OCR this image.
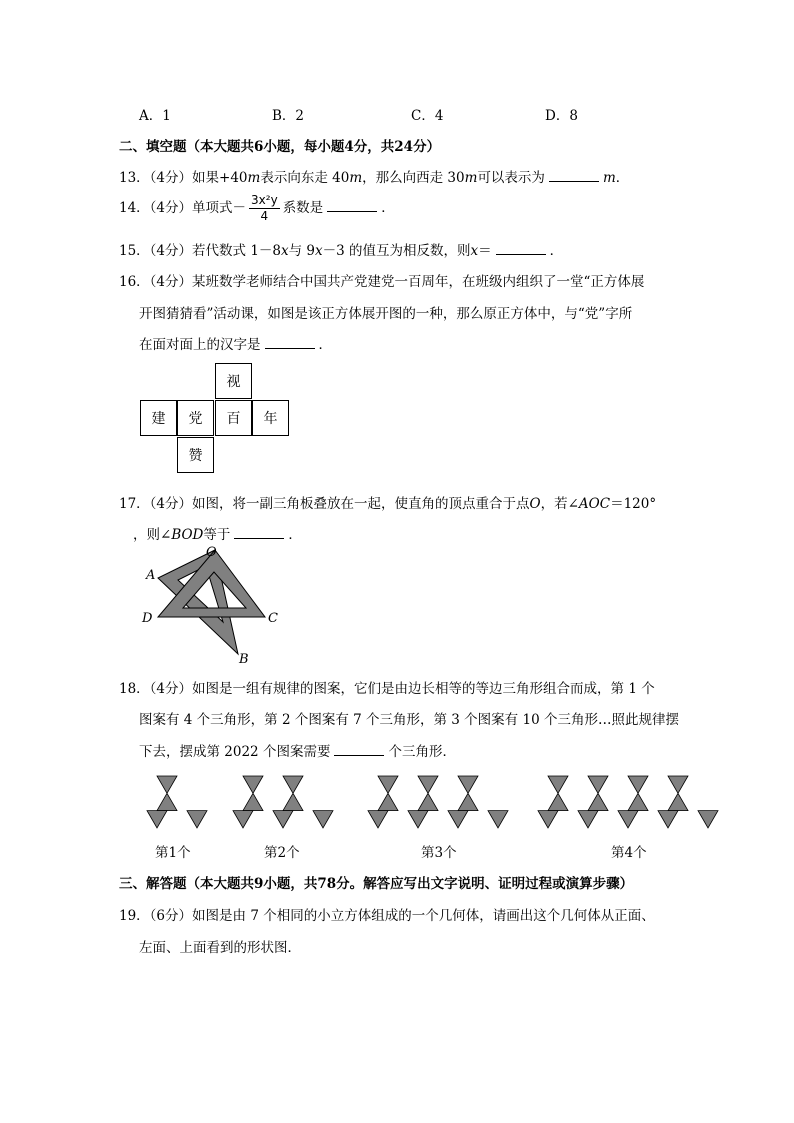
A．1	B．2	C．4	D．8
二、填空题（本大题共6小题，每小题4分，共24分）
13．（4分）如果+40m表示向东走 40m，那么向西走 30m可以表示为	m．
14．（4分）单项式－ $\frac{\text{3x²y}}{4}$ 系数是	．
15．（4分）若代数式 1－8x与 9x－3 的值互为相反数，则x＝	．
16．（4分）某班数学老师结合中国共产党建党一百周年，在班级内组织了一堂“正方体展
开图猜猜看”活动课，如图是该正方体展开图的一种，那么原正方体中，与“党”字所
在面对面上的汉字是	．
视
建	党	百	年
赞
17．（4分）如图，将一副三角板叠放在一起，使直角的顶点重合于点O，若∠AOC＝120°
，则∠BOD等于	．
O
A
D	C
B
18．（4分）如图是一组有规律的图案，它们是由边长相等的等边三角形组合而成，第 1 个
图案有 4 个三角形，第 2 个图案有 7 个三角形，第 3 个图案有 10 个三角形…照此规律摆
下去，摆成第 2022 个图案需要	个三角形．
第1个	第2个	第3个	第4个
三、解答题（本大题共9小题，共78分。解答应写出文字说明、证明过程或演算步骤）
19．（6分）如图是由 7 个相同的小立方体组成的一个几何体，请画出这个几何体从正面、
左面、上面看到的形状图．
